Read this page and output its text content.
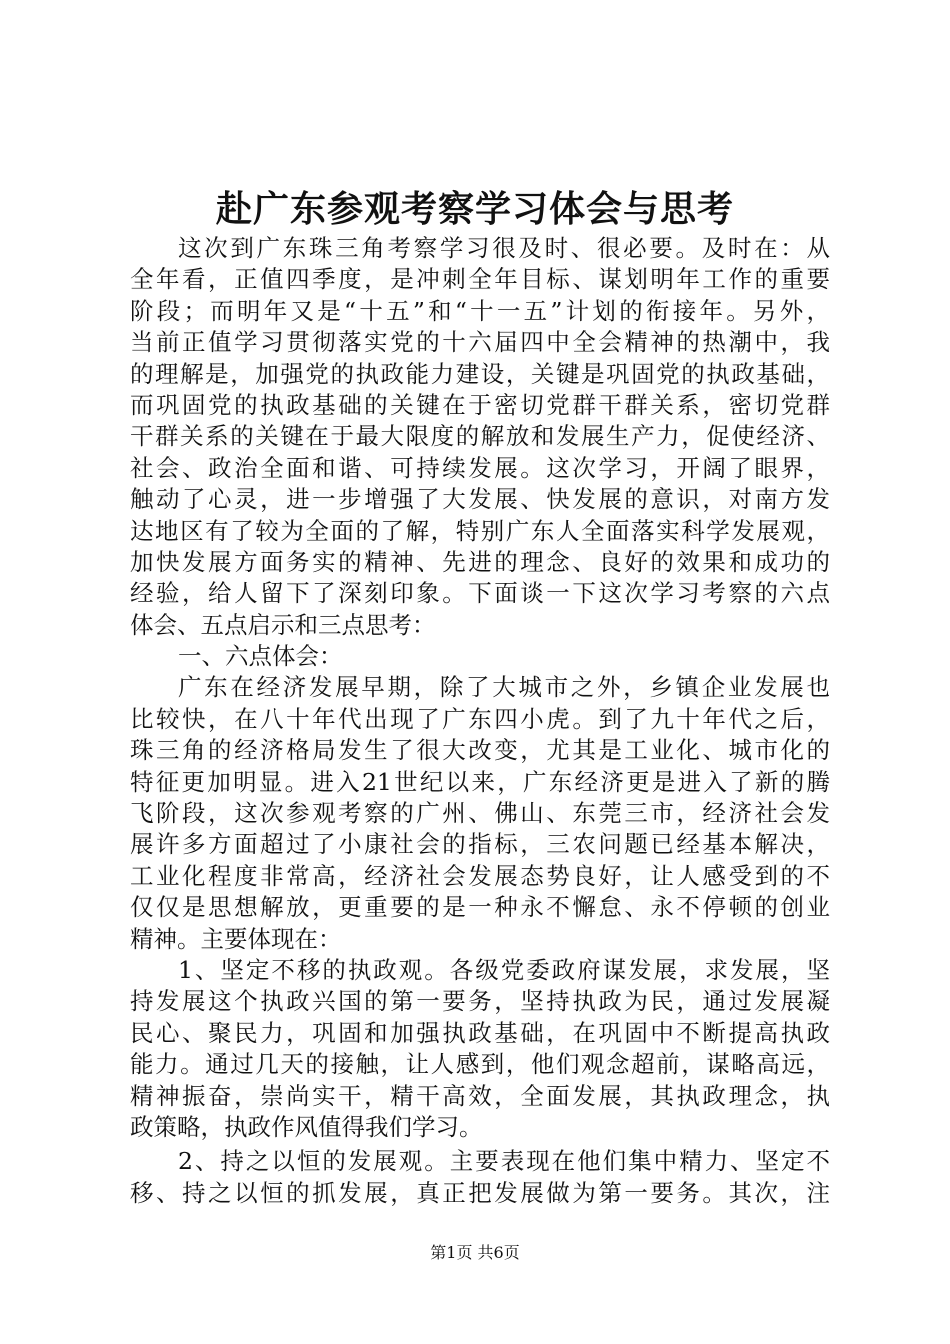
赴广东参观考察学习体会与思考
这次到广东珠三角考察学习很及时、很必要。及时在：从
全年看，正值四季度，是冲刺全年目标、谋划明年工作的重要
阶段；而明年又是“十五”和“十一五”计划的衔接年。另外，
当前正值学习贯彻落实党的十六届四中全会精神的热潮中，我
的理解是，加强党的执政能力建设，关键是巩固党的执政基础，
而巩固党的执政基础的关键在于密切党群干群关系，密切党群
干群关系的关键在于最大限度的解放和发展生产力，促使经济、
社会、政治全面和谐、可持续发展。这次学习，开阔了眼界，
触动了心灵，进一步增强了大发展、快发展的意识，对南方发
达地区有了较为全面的了解，特别广东人全面落实科学发展观，
加快发展方面务实的精神、先进的理念、良好的效果和成功的
经验，给人留下了深刻印象。下面谈一下这次学习考察的六点
体会、五点启示和三点思考：
一、六点体会：
广东在经济发展早期，除了大城市之外，乡镇企业发展也
比较快，在八十年代出现了广东四小虎。到了九十年代之后，
珠三角的经济格局发生了很大改变，尤其是工业化、城市化的
特征更加明显。进入21世纪以来，广东经济更是进入了新的腾
飞阶段，这次参观考察的广州、佛山、东莞三市，经济社会发
展许多方面超过了小康社会的指标，三农问题已经基本解决，
工业化程度非常高，经济社会发展态势良好，让人感受到的不
仅仅是思想解放，更重要的是一种永不懈怠、永不停顿的创业
精神。主要体现在：
1、坚定不移的执政观。各级党委政府谋发展，求发展，坚
持发展这个执政兴国的第一要务，坚持执政为民，通过发展凝
民心、聚民力，巩固和加强执政基础，在巩固中不断提高执政
能力。通过几天的接触，让人感到，他们观念超前，谋略高远，
精神振奋，崇尚实干，精干高效，全面发展，其执政理念，执
政策略，执政作风值得我们学习。
2、持之以恒的发展观。主要表现在他们集中精力、坚定不
移、持之以恒的抓发展，真正把发展做为第一要务。其次，注
第1页 共6页
